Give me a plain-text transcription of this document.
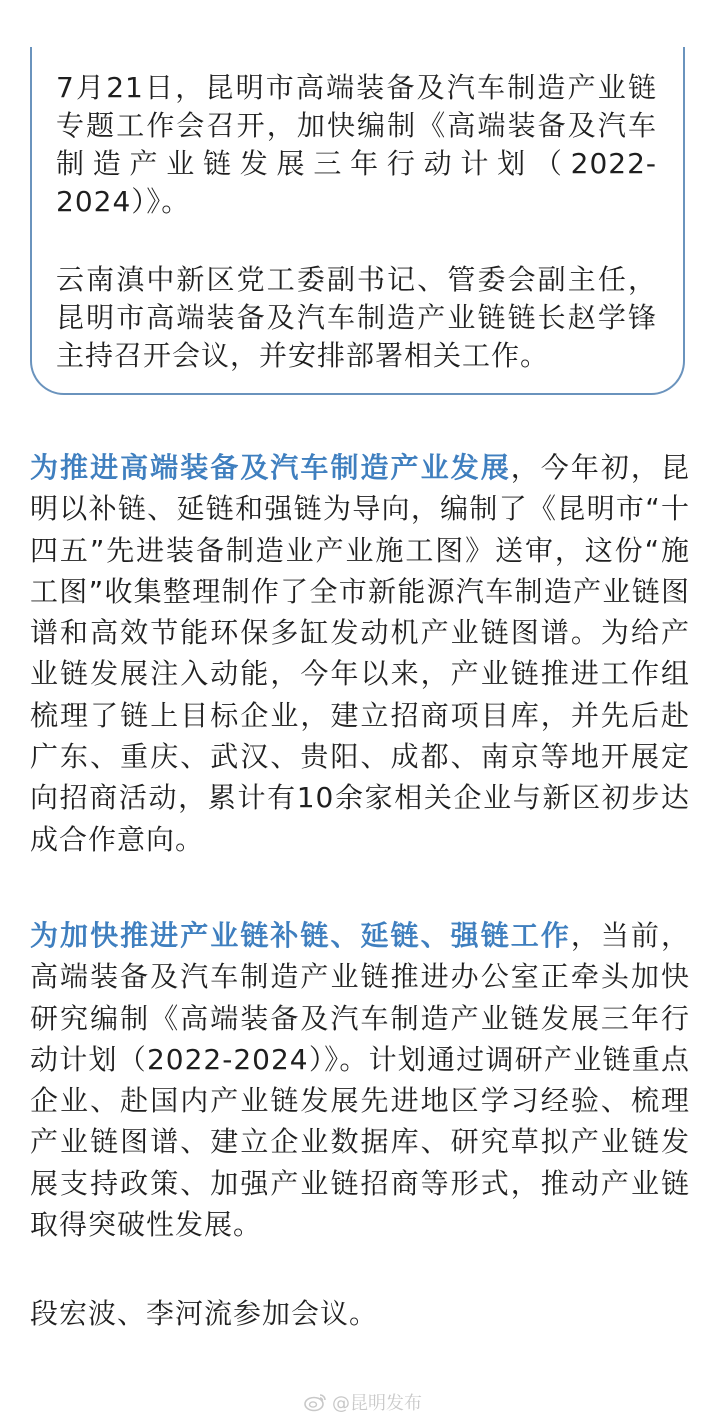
7月21日，昆明市高端装备及汽车制造产业链专题工作会召开，加快编制《高端装备及汽车制造产业链发展三年行动计划（2022-2024）》。

云南滇中新区党工委副书记、管委会副主任，昆明市高端装备及汽车制造产业链链长赵学锋主持召开会议，并安排部署相关工作。

为推进高端装备及汽车制造产业发展，今年初，昆明以补链、延链和强链为导向，编制了《昆明市“十四五”先进装备制造业产业施工图》送审，这份“施工图”收集整理制作了全市新能源汽车制造产业链图谱和高效节能环保多缸发动机产业链图谱。为给产业链发展注入动能，今年以来，产业链推进工作组梳理了链上目标企业，建立招商项目库，并先后赴广东、重庆、武汉、贵阳、成都、南京等地开展定向招商活动，累计有10余家相关企业与新区初步达成合作意向。

为加快推进产业链补链、延链、强链工作，当前，高端装备及汽车制造产业链推进办公室正牵头加快研究编制《高端装备及汽车制造产业链发展三年行动计划（2022-2024）》。计划通过调研产业链重点企业、赴国内产业链发展先进地区学习经验、梳理产业链图谱、建立企业数据库、研究草拟产业链发展支持政策、加强产业链招商等形式，推动产业链取得突破性发展。

段宏波、李河流参加会议。

@昆明发布
